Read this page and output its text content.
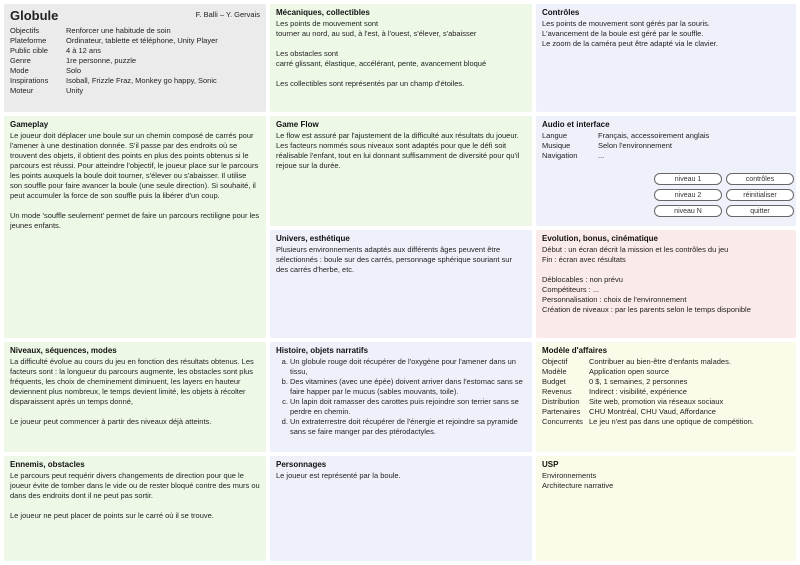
Globule	F. Balli – Y. Gervais
Objectifs	Renforcer une habitude de soin
Plateforme	Ordinateur, tablette et téléphone, Unity Player
Public cible	4 à 12 ans
Genre	1re personne, puzzle
Mode	Solo
Inspirations	Isoball, Frizzle Fraz, Monkey go happy, Sonic
Moteur	Unity
Mécaniques, collectibles
Les points de mouvement sont
tourner au nord, au sud, à l'est, à l'ouest, s'élever, s'abaisser
Les obstacles sont
carré glissant, élastique, accélérant, pente, avancement bloqué
Les collectibles sont représentés par un champ d'étoiles.
Contrôles
Les points de mouvement sont gérés par la souris.
L'avancement de la boule est géré par le souffle.
Le zoom de la caméra peut être adapté via le clavier.
Gameplay
Le joueur doit déplacer une boule sur un chemin composé de carrés pour l'amener à une destination donnée. S'il passe par des endroits où se trouvent des objets, il obtient des points en plus des points obtenus si le parcours est réussi. Pour atteindre l'objectif, le joueur place sur le parcours les points auxquels la boule doit tourner, s'élever ou s'abaisser. Il utilise son souffle pour faire avancer la boule (une seule direction). Si souhaité, il peut accumuler la force de son souffle puis la libérer d'un coup.
Un mode 'souffle seulement' permet de faire un parcours rectiligne pour les jeunes enfants.
Game Flow
Le flow est assuré par l'ajustement de la difficulté aux résultats du joueur. Les facteurs nommés sous niveaux sont adaptés pour que le défi soit réalisable l'enfant, tout en lui donnant suffisamment de diversité pour qu'il rejoue sur la durée.
Audio et interface
Langue	Français, accessoirement anglais
Musique	Selon l'environnement
Navigation	...
niveau 1	contrôles
niveau 2	réinitialiser
niveau N	quitter
Univers, esthétique
Plusieurs environnements adaptés aux différents âges peuvent être sélectionnés : boule sur des carrés, personnage sphérique souriant sur des carrés d'herbe, etc.
Evolution, bonus, cinématique
Début : un écran décrit la mission et les contrôles du jeu
Fin : écran avec résultats
Déblocables : non prévu
Compétiteurs : ...
Personnalisation : choix de l'environnement
Création de niveaux : par les parents selon le temps disponible
Niveaux, séquences, modes
La difficulté évolue au cours du jeu en fonction des résultats obtenus. Les facteurs sont : la longueur du parcours augmente, les obstacles sont plus fréquents, les choix de cheminement diminuent, les layers en hauteur deviennent plus nombreux, le temps devient limité, les objets à récolter disparaissent après un temps donné,
Le joueur peut commencer à partir des niveaux déjà atteints.
Histoire, objets narratifs
a. Un globule rouge doit récupérer de l'oxygène pour l'amener dans un tissu,
b. Des vitamines (avec une épée) doivent arriver dans l'estomac sans se faire happer par le mucus (sables mouvants, toile).
c. Un lapin doit ramasser des carottes puis rejoindre son terrier sans se perdre en chemin.
d. Un extraterrestre doit récupérer de l'énergie et rejoindre sa pyramide sans se faire manger par des ptérodactyles.
Modèle d'affaires
Objectif	Contribuer au bien-être d'enfants malades.
Modèle	Application open source
Budget	0 $, 1 semaines, 2 personnes
Revenus	Indirect : visibilité, expérience
Distribution	Site web, promotion via réseaux sociaux
Partenaires	CHU Montréal, CHU Vaud, Affordance
Concurrents Le jeu n'est pas dans une optique de compétition.
Ennemis, obstacles
Le parcours peut requérir divers changements de direction pour que le joueur évite de tomber dans le vide ou de rester bloqué contre des murs ou dans des endroits dont il ne peut pas sortir.
Le joueur ne peut placer de points sur le carré où il se trouve.
Personnages
Le joueur est représenté par la boule.
USP
Environnements
Architecture narrative
